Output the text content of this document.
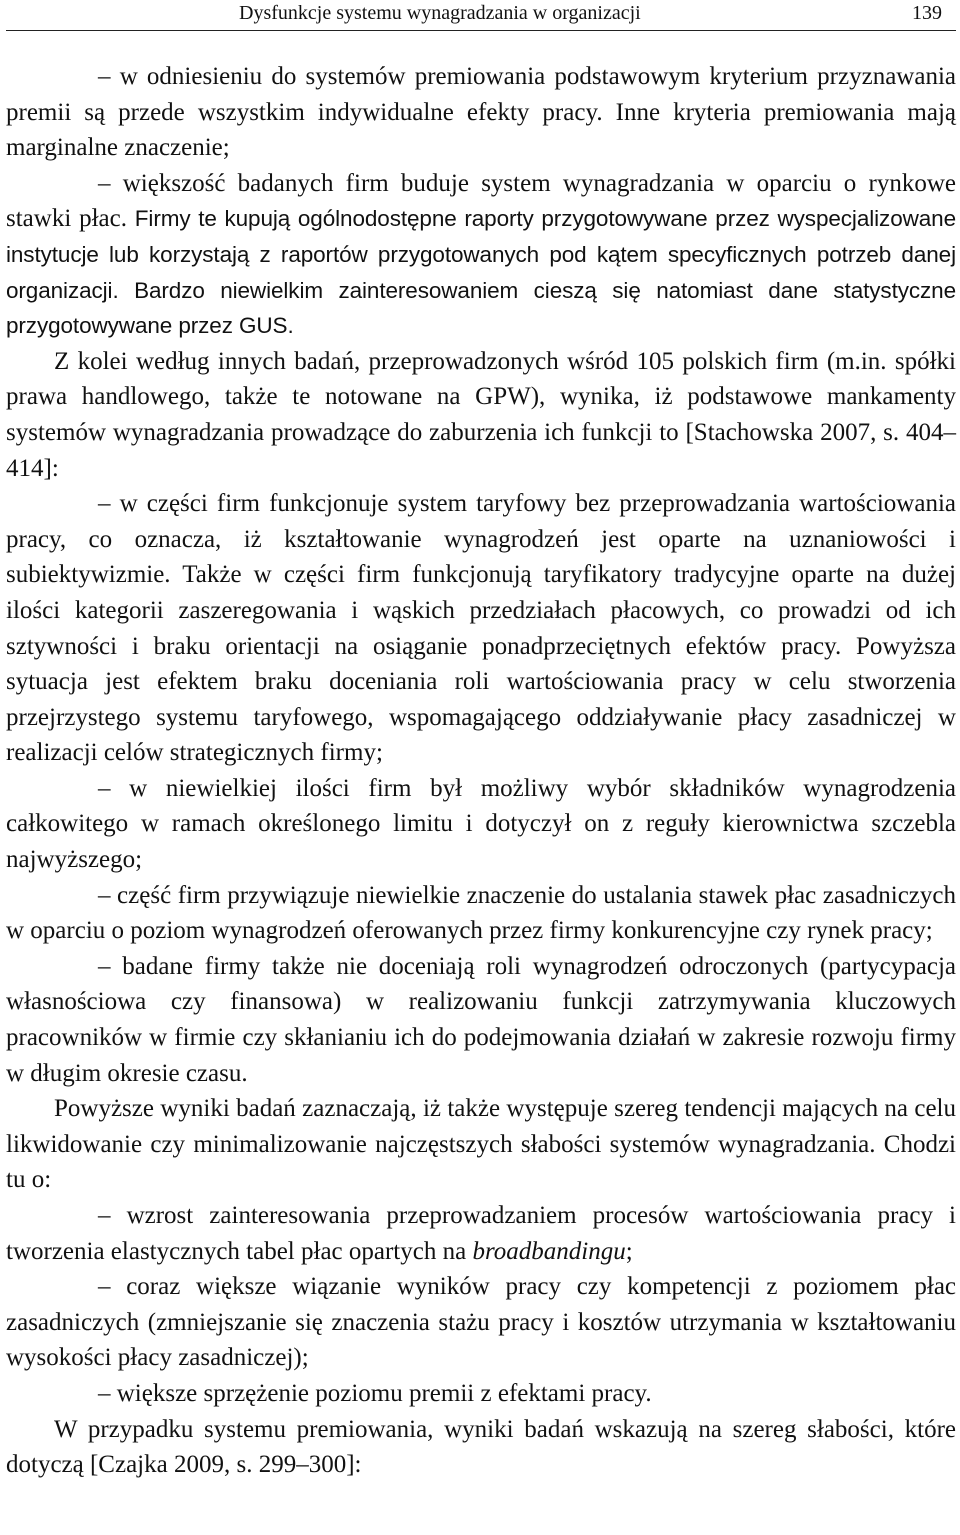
Dysfunkcje systemu wynagradzania w organizacji	139

– w odniesieniu do systemów premiowania podstawowym kryterium przyznawania premii są przede wszystkim indywidualne efekty pracy. Inne kryteria premiowania mają marginalne znaczenie;

– większość badanych firm buduje system wynagradzania w oparciu o rynkowe stawki płac. Firmy te kupują ogólnodostępne raporty przygotowywane przez wyspecjalizowane instytucje lub korzystają z raportów przygotowanych pod kątem specyficznych potrzeb danej organizacji. Bardzo niewielkim zainteresowaniem cieszą się natomiast dane statystyczne przygotowywane przez GUS.

Z kolei według innych badań, przeprowadzonych wśród 105 polskich firm (m.in. spółki prawa handlowego, także te notowane na GPW), wynika, iż podstawowe mankamenty systemów wynagradzania prowadzące do zaburzenia ich funkcji to [Stachowska 2007, s. 404–414]:

– w części firm funkcjonuje system taryfowy bez przeprowadzania wartościowania pracy, co oznacza, iż kształtowanie wynagrodzeń jest oparte na uznaniowości i subiektywizmie. Także w części firm funkcjonują taryfikatory tradycyjne oparte na dużej ilości kategorii zaszeregowania i wąskich przedziałach płacowych, co prowadzi od ich sztywności i braku orientacji na osiąganie ponadprzeciętnych efektów pracy. Powyższa sytuacja jest efektem braku doceniania roli wartościowania pracy w celu stworzenia przejrzystego systemu taryfowego, wspomagającego oddziaływanie płacy zasadniczej w realizacji celów strategicznych firmy;

– w niewielkiej ilości firm był możliwy wybór składników wynagrodzenia całkowitego w ramach określonego limitu i dotyczył on z reguły kierownictwa szczebla najwyższego;

– część firm przywiązuje niewielkie znaczenie do ustalania stawek płac zasadniczych w oparciu o poziom wynagrodzeń oferowanych przez firmy konkurencyjne czy rynek pracy;

– badane firmy także nie doceniają roli wynagrodzeń odroczonych (partycypacja własnościowa czy finansowa) w realizowaniu funkcji zatrzymywania kluczowych pracowników w firmie czy skłanianiu ich do podejmowania działań w zakresie rozwoju firmy w długim okresie czasu.

Powyższe wyniki badań zaznaczają, iż także występuje szereg tendencji mających na celu likwidowanie czy minimalizowanie najczęstszych słabości systemów wynagradzania. Chodzi tu o:

– wzrost zainteresowania przeprowadzaniem procesów wartościowania pracy i tworzenia elastycznych tabel płac opartych na broadbandingu;

– coraz większe wiązanie wyników pracy czy kompetencji z poziomem płac zasadniczych (zmniejszanie się znaczenia stażu pracy i kosztów utrzymania w kształtowaniu wysokości płacy zasadniczej);

– większe sprzężenie poziomu premii z efektami pracy.

W przypadku systemu premiowania, wyniki badań wskazują na szereg słabości, które dotyczą [Czajka 2009, s. 299–300]:
